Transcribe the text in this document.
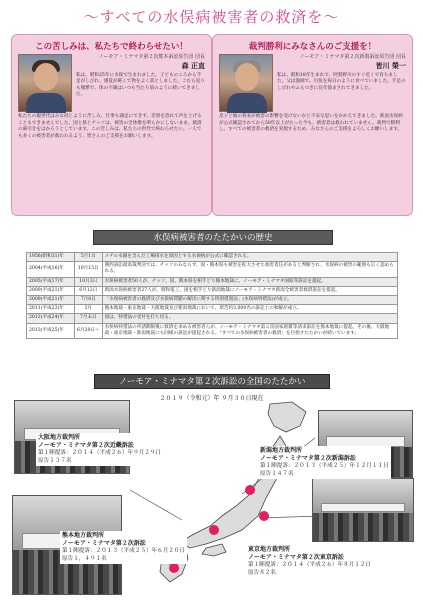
～すべての水俣病被害者の救済を～
この苦しみは、私たちで終わらせたい！
ノーモア・ミナマタ第２次熊本訴訟原告団 団長
森 正直
私は、昭和25年に水俣で生まれました。子どものころから手足がしびれ、感覚が鈍くて物をよく落としました。こむら返りも頻繁で、体の不調はいつも当たり前のように続いてきました。
私たちの親世代はみな同じように苦しみ、仕事も満足にできず、差別を恐れて声を上げることもできませんでした。国と県とチッソは、被害の全体像を明らかにしないまま、救済の幕引きをはかろうとしています。この苦しみは、私たちの世代で終わらせたい。一人でも多くの被害者が救われるよう、皆さんのご支援をお願いします。
裁判勝利にみなさんのご支援を！
ノーモア・ミナマタ第２次新潟訴訟原告団 団長
皆川 榮一
私は、昭和18年生まれで、阿賀野川のすぐ近くで育ちました。父は漁師で、川魚を毎日のように食べていました。手足のしびれやふらつきに長年悩まされてきました。
息子と娘の将来が被害の影響を受けないかと不安な思いをかかえてきました。新潟水俣病が公式確認されてから50年以上がたった今も、被害者は救われていません。裁判で勝利し、すべての被害者の救済を実現するため、みなさんのご支援をよろしくお願いします。
水俣病被害者のたたかいの歴史
1956(昭和31)年	5月1日	メチル水銀を含んだ工場排水を原因とする水俣病が公式に確認される。
2004(平成16)年	10月15日	関西訴訟最高裁判決では、チッソのみならず、国・熊本県も被害を拡大させた加害責任があると判断され、水俣病の被害の範囲も広く認められる。
2005(平成17)年	10月3日	水俣病被害者50人が、チッソ、国、熊本県を相手どり熊本地裁に、ノーモア・ミナマタ国賠等訴訟を提起。
2009(平成21)年	6月12日	新潟水俣病被害者27人が、昭和電工、国を相手どり新潟地裁にノーモア・ミナマタ新潟全被害者救済訴訟を提起。
2009(平成21)年	7月8日	「水俣病被害者の救済及び水俣病問題の解決に関する特別措置法」(水俣病特措法)が成立。
2011(平成23)年	3月	熊本地裁・東京地裁・大阪地裁及び新潟地裁において、原告約3,000名の訴訟上の和解が成立。
2012(平成24)年	7月末日	国は、特措法の受付を打ち切る。
2013(平成25)年	6月20日～	水俣病特措法の申請期限後に救済を求める被害者らが、ノーモア・ミナマタ第２次国家賠償等請求訴訟を熊本地裁に提起。その後、大阪地裁・東京地裁・新潟地裁にも同様の訴訟が提起される。「すべての水俣病被害者の救済」を目指すたたかいが続いています。
ノーモア・ミナマタ第２次訴訟の全国のたたかい
２０１９（令和元）年 ９月３０日現在
大阪地方裁判所
ノーモア・ミナマタ第２次近畿訴訟
第１陣提訴：２０１４（平成２６）年９月２９日
原告１３７名
新潟地方裁判所
ノーモア・ミナマタ第２次新潟訴訟
第１陣提訴：２０１３（平成２５）年１２月１１日
原告１４７名
熊本地方裁判所
ノーモア・ミナマタ第２次訴訟
第１陣提訴：２０１３（平成２５）年６月２０日
原告１，４９１名
東京地方裁判所
ノーモア・ミナマタ第２次東京訴訟
第１陣提訴：２０１４（平成２６）年８月１２日
原告８２名
